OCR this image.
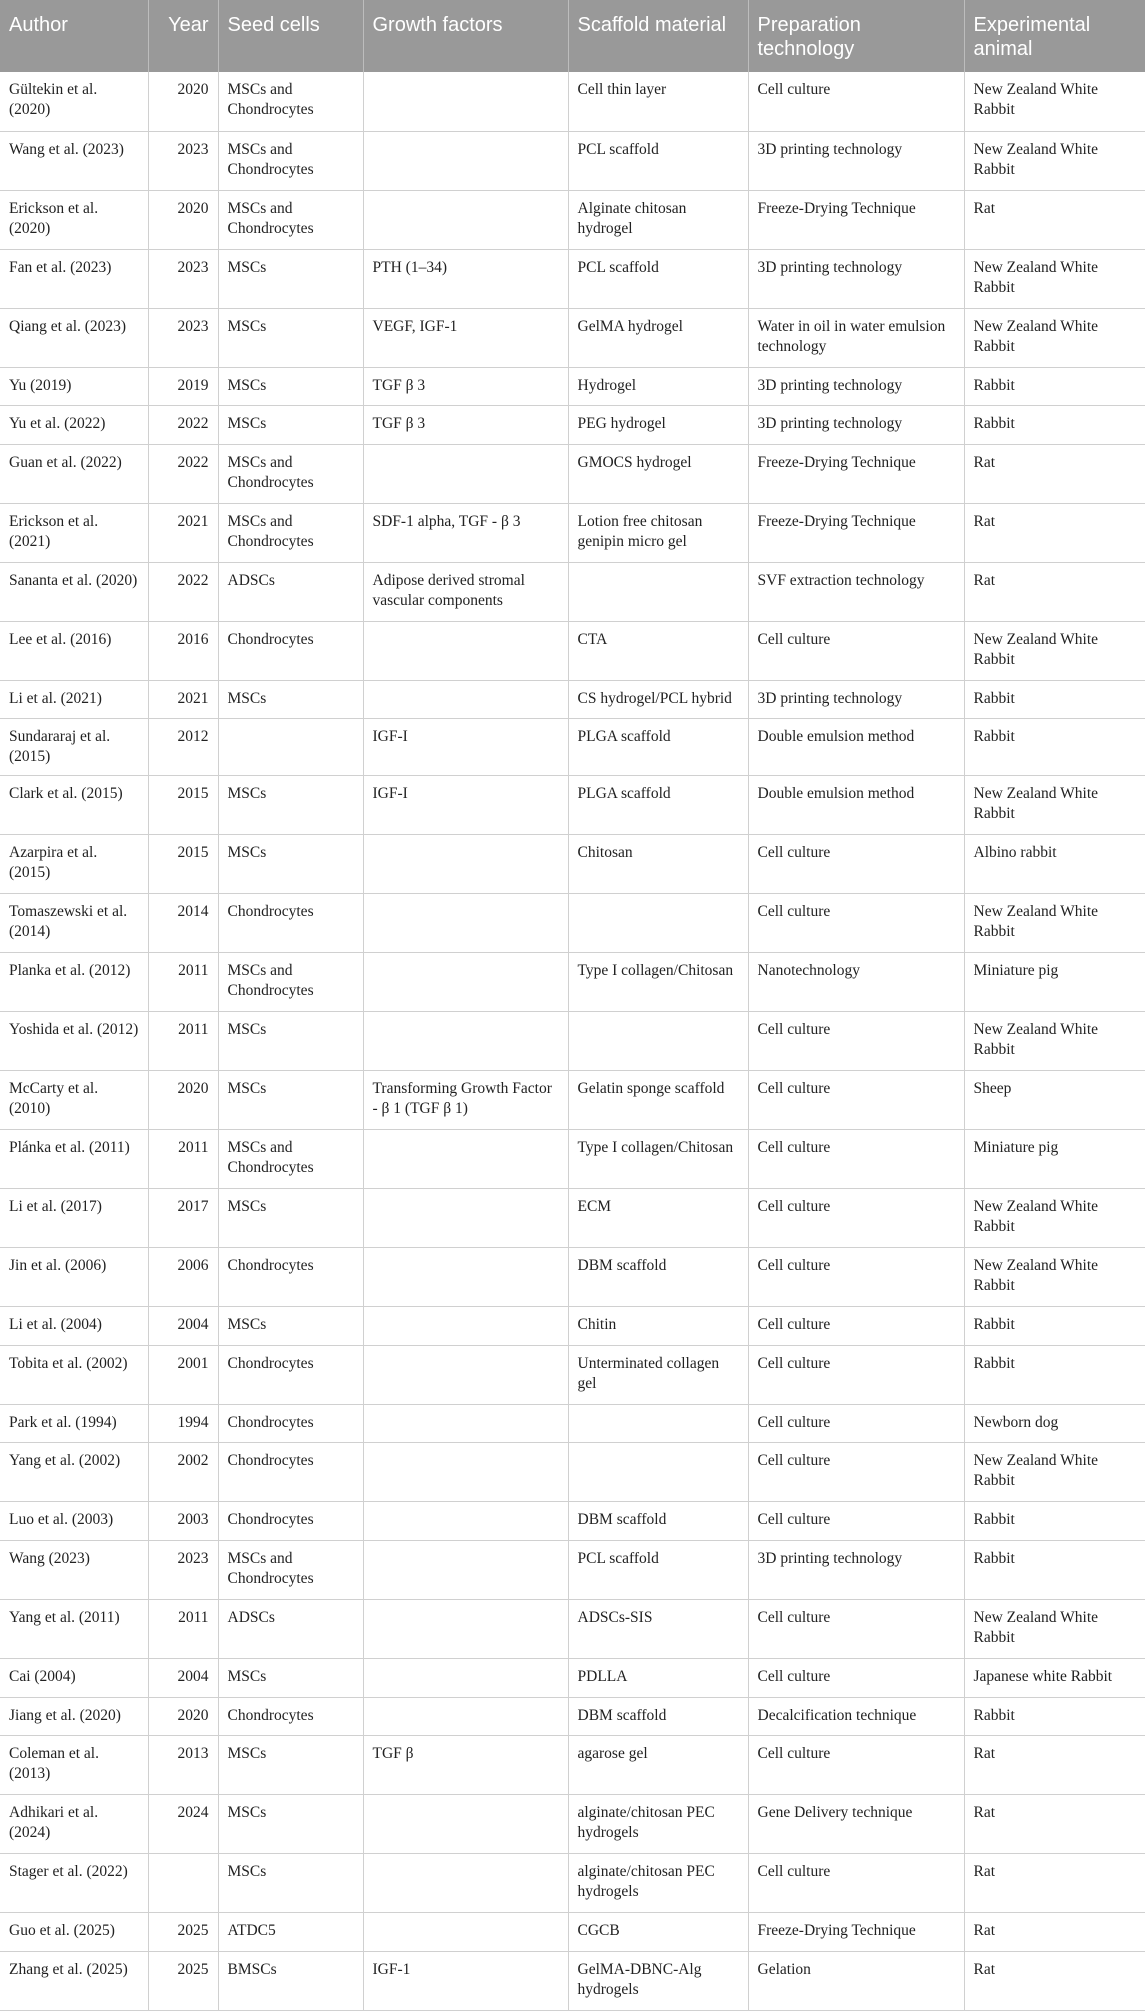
Author	Year	Seed cells	Growth factors	Scaffold material	Preparation technology	Experimental animal
Gültekin et al. (2020)	2020	MSCs and Chondrocytes		Cell thin layer	Cell culture	New Zealand White Rabbit
Wang et al. (2023)	2023	MSCs and Chondrocytes		PCL scaffold	3D printing technology	New Zealand White Rabbit
Erickson et al. (2020)	2020	MSCs and Chondrocytes		Alginate chitosan hydrogel	Freeze-Drying Technique	Rat
Fan et al. (2023)	2023	MSCs	PTH (1–34)	PCL scaffold	3D printing technology	New Zealand White Rabbit
Qiang et al. (2023)	2023	MSCs	VEGF, IGF-1	GelMA hydrogel	Water in oil in water emulsion technology	New Zealand White Rabbit
Yu (2019)	2019	MSCs	TGF β 3	Hydrogel	3D printing technology	Rabbit
Yu et al. (2022)	2022	MSCs	TGF β 3	PEG hydrogel	3D printing technology	Rabbit
Guan et al. (2022)	2022	MSCs and Chondrocytes		GMOCS hydrogel	Freeze-Drying Technique	Rat
Erickson et al. (2021)	2021	MSCs and Chondrocytes	SDF-1 alpha, TGF - β 3	Lotion free chitosan genipin micro gel	Freeze-Drying Technique	Rat
Sananta et al. (2020)	2022	ADSCs	Adipose derived stromal vascular components		SVF extraction technology	Rat
Lee et al. (2016)	2016	Chondrocytes		CTA	Cell culture	New Zealand White Rabbit
Li et al. (2021)	2021	MSCs		CS hydrogel/PCL hybrid	3D printing technology	Rabbit
Sundararaj et al. (2015)	2012		IGF-I	PLGA scaffold	Double emulsion method	Rabbit
Clark et al. (2015)	2015	MSCs	IGF-I	PLGA scaffold	Double emulsion method	New Zealand White Rabbit
Azarpira et al. (2015)	2015	MSCs		Chitosan	Cell culture	Albino rabbit
Tomaszewski et al. (2014)	2014	Chondrocytes			Cell culture	New Zealand White Rabbit
Planka et al. (2012)	2011	MSCs and Chondrocytes		Type I collagen/Chitosan	Nanotechnology	Miniature pig
Yoshida et al. (2012)	2011	MSCs			Cell culture	New Zealand White Rabbit
McCarty et al. (2010)	2020	MSCs	Transforming Growth Factor - β 1 (TGF β 1)	Gelatin sponge scaffold	Cell culture	Sheep
Plánka et al. (2011)	2011	MSCs and Chondrocytes		Type I collagen/Chitosan	Cell culture	Miniature pig
Li et al. (2017)	2017	MSCs		ECM	Cell culture	New Zealand White Rabbit
Jin et al. (2006)	2006	Chondrocytes		DBM scaffold	Cell culture	New Zealand White Rabbit
Li et al. (2004)	2004	MSCs		Chitin	Cell culture	Rabbit
Tobita et al. (2002)	2001	Chondrocytes		Unterminated collagen gel	Cell culture	Rabbit
Park et al. (1994)	1994	Chondrocytes			Cell culture	Newborn dog
Yang et al. (2002)	2002	Chondrocytes			Cell culture	New Zealand White Rabbit
Luo et al. (2003)	2003	Chondrocytes		DBM scaffold	Cell culture	Rabbit
Wang (2023)	2023	MSCs and Chondrocytes		PCL scaffold	3D printing technology	Rabbit
Yang et al. (2011)	2011	ADSCs		ADSCs-SIS	Cell culture	New Zealand White Rabbit
Cai (2004)	2004	MSCs		PDLLA	Cell culture	Japanese white Rabbit
Jiang et al. (2020)	2020	Chondrocytes		DBM scaffold	Decalcification technique	Rabbit
Coleman et al. (2013)	2013	MSCs	TGF β	agarose gel	Cell culture	Rat
Adhikari et al. (2024)	2024	MSCs		alginate/chitosan PEC hydrogels	Gene Delivery technique	Rat
Stager et al. (2022)		MSCs		alginate/chitosan PEC hydrogels	Cell culture	Rat
Guo et al. (2025)	2025	ATDC5		CGCB	Freeze-Drying Technique	Rat
Zhang et al. (2025)	2025	BMSCs	IGF-1	GelMA-DBNC-Alg hydrogels	Gelation	Rat
